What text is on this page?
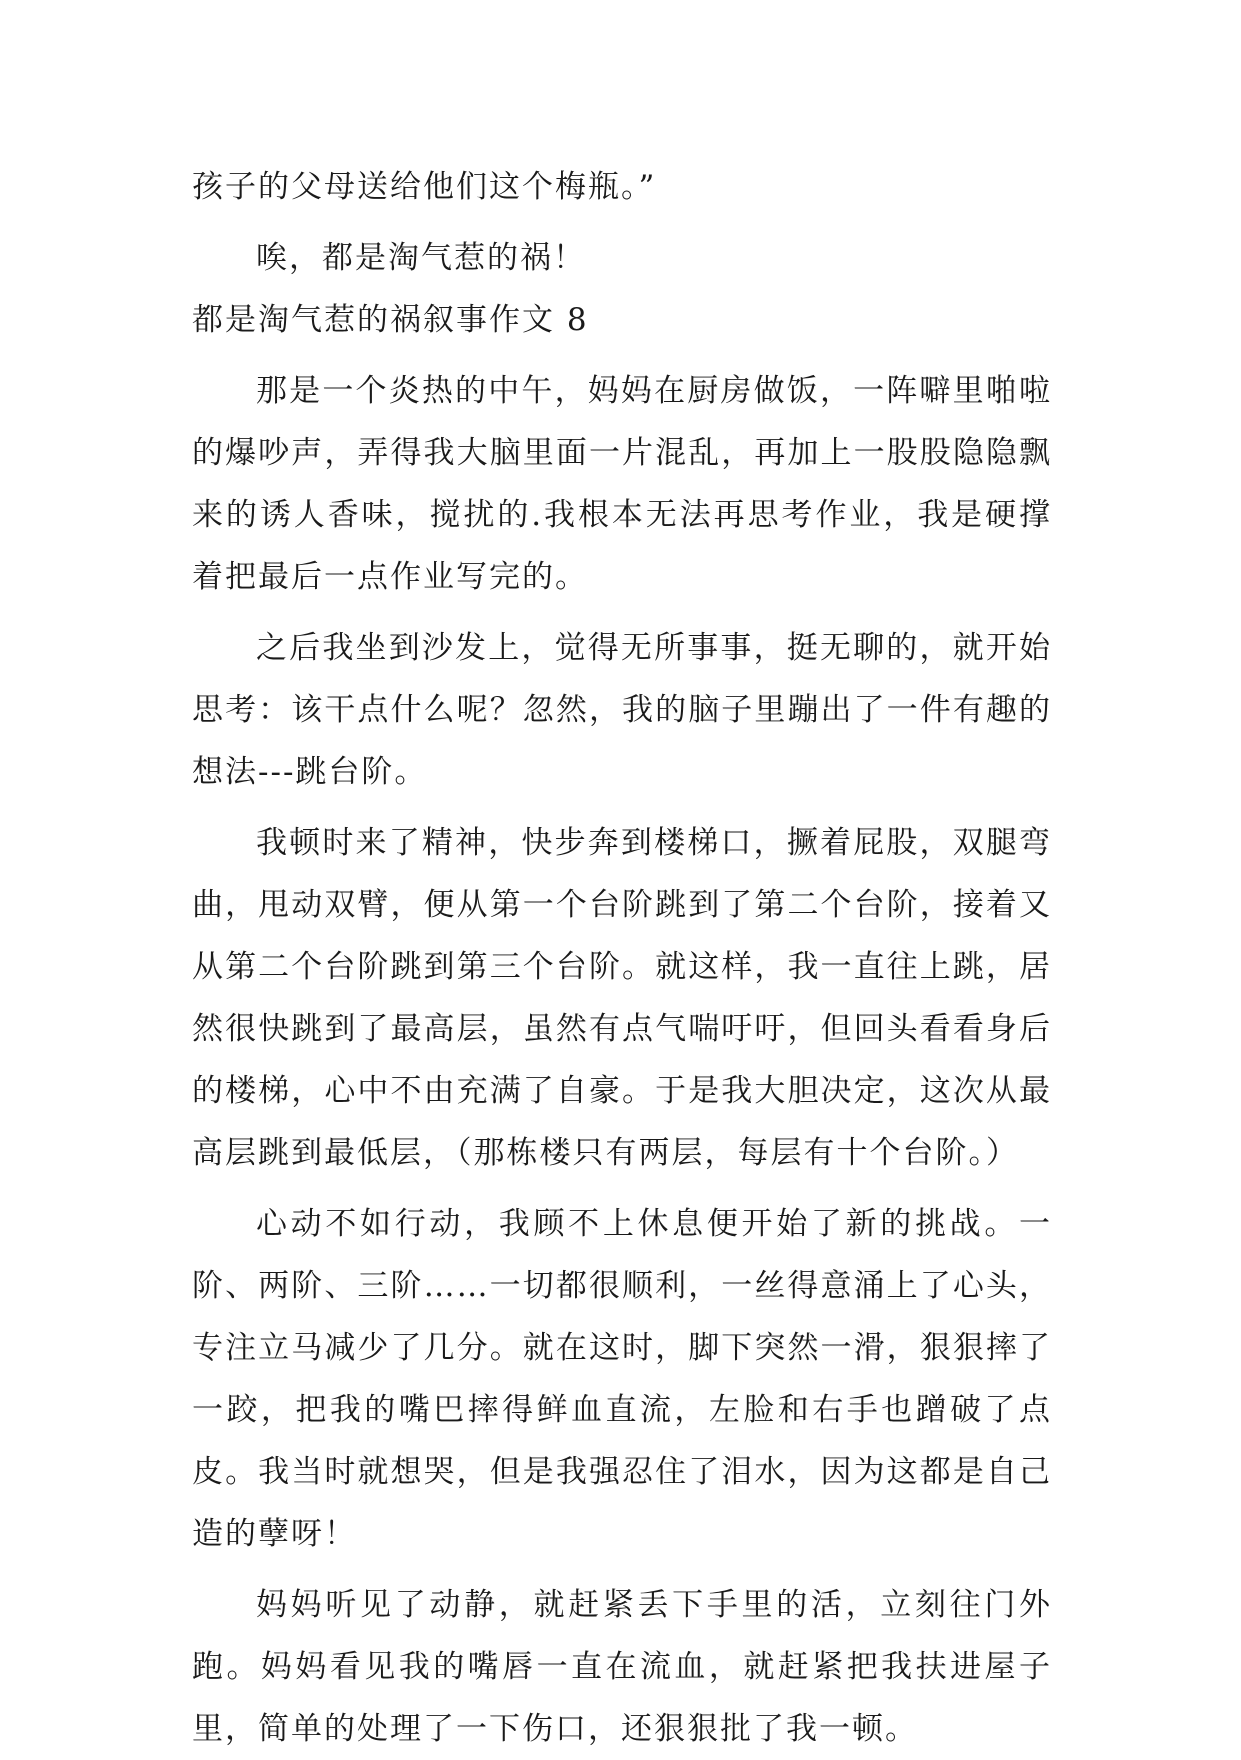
孩子的父母送给他们这个梅瓶。”

唉，都是淘气惹的祸！

都是淘气惹的祸叙事作文 8

那是一个炎热的中午，妈妈在厨房做饭，一阵噼里啪啦的爆吵声，弄得我大脑里面一片混乱，再加上一股股隐隐飘来的诱人香味，搅扰的.我根本无法再思考作业，我是硬撑着把最后一点作业写完的。

之后我坐到沙发上，觉得无所事事，挺无聊的，就开始思考：该干点什么呢？忽然，我的脑子里蹦出了一件有趣的想法---跳台阶。

我顿时来了精神，快步奔到楼梯口，撅着屁股，双腿弯曲，甩动双臂，便从第一个台阶跳到了第二个台阶，接着又从第二个台阶跳到第三个台阶。就这样，我一直往上跳，居然很快跳到了最高层，虽然有点气喘吁吁，但回头看看身后的楼梯，心中不由充满了自豪。于是我大胆决定，这次从最高层跳到最低层，（那栋楼只有两层，每层有十个台阶。）

心动不如行动，我顾不上休息便开始了新的挑战。一阶、两阶、三阶……一切都很顺利，一丝得意涌上了心头，专注立马减少了几分。就在这时，脚下突然一滑，狠狠摔了一跤，把我的嘴巴摔得鲜血直流，左脸和右手也蹭破了点皮。我当时就想哭，但是我强忍住了泪水，因为这都是自己造的孽呀！

妈妈听见了动静，就赶紧丢下手里的活，立刻往门外跑。妈妈看见我的嘴唇一直在流血，就赶紧把我扶进屋子里，简单的处理了一下伤口，还狠狠批了我一顿。
